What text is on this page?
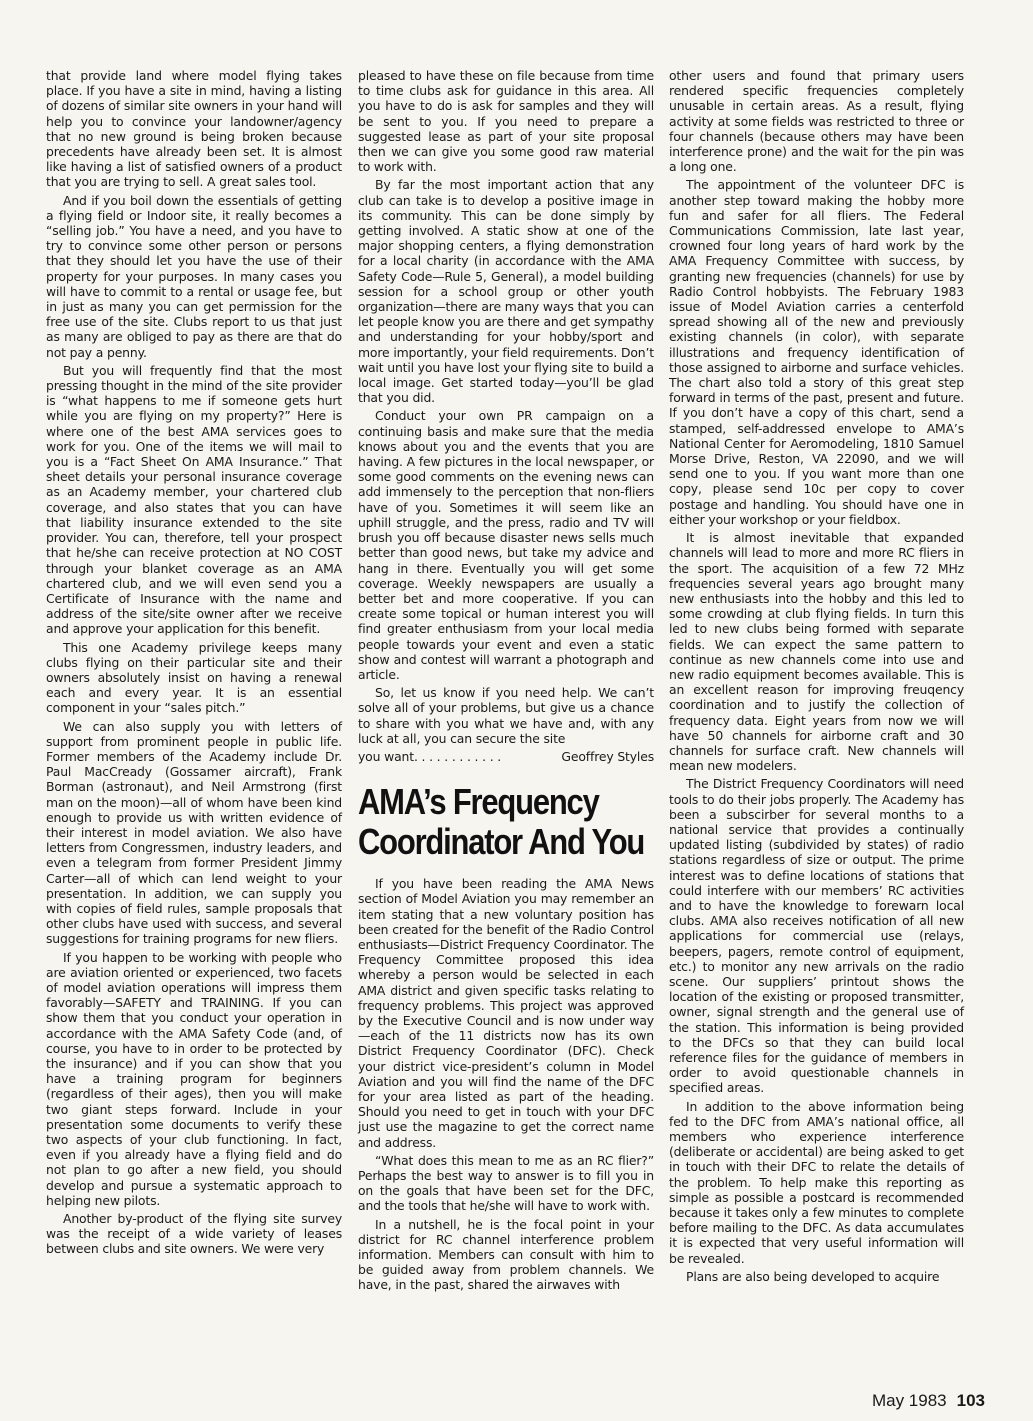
that provide land where model flying takes place. If you have a site in mind, having a listing of dozens of similar site owners in your hand will help you to convince your landowner/agency that no new ground is being broken because precedents have already been set. It is almost like having a list of satisfied owners of a product that you are trying to sell. A great sales tool.

And if you boil down the essentials of getting a flying field or Indoor site, it really becomes a “selling job.” You have a need, and you have to try to convince some other person or persons that they should let you have the use of their property for your purposes. In many cases you will have to commit to a rental or usage fee, but in just as many you can get permission for the free use of the site. Clubs report to us that just as many are obliged to pay as there are that do not pay a penny.

But you will frequently find that the most pressing thought in the mind of the site provider is “what happens to me if someone gets hurt while you are flying on my property?” Here is where one of the best AMA services goes to work for you. One of the items we will mail to you is a “Fact Sheet On AMA Insurance.” That sheet details your personal insurance coverage as an Academy member, your chartered club coverage, and also states that you can have that liability insurance extended to the site provider. You can, therefore, tell your prospect that he/she can receive protection at NO COST through your blanket coverage as an AMA chartered club, and we will even send you a Certificate of Insurance with the name and address of the site/site owner after we receive and approve your application for this benefit.

This one Academy privilege keeps many clubs flying on their particular site and their owners absolutely insist on having a renewal each and every year. It is an essential component in your “sales pitch.”

We can also supply you with letters of support from prominent people in public life. Former members of the Academy include Dr. Paul MacCready (Gossamer aircraft), Frank Borman (astronaut), and Neil Armstrong (first man on the moon)—all of whom have been kind enough to provide us with written evidence of their interest in model aviation. We also have letters from Congressmen, industry leaders, and even a telegram from former President Jimmy Carter—all of which can lend weight to your presentation. In addition, we can supply you with copies of field rules, sample proposals that other clubs have used with success, and several suggestions for training programs for new fliers.

If you happen to be working with people who are aviation oriented or experienced, two facets of model aviation operations will impress them favorably—SAFETY and TRAINING. If you can show them that you conduct your operation in accordance with the AMA Safety Code (and, of course, you have to in order to be protected by the insurance) and if you can show that you have a training program for beginners (regardless of their ages), then you will make two giant steps forward. Include in your presentation some documents to verify these two aspects of your club functioning. In fact, even if you already have a flying field and do not plan to go after a new field, you should develop and pursue a systematic approach to helping new pilots.

Another by-product of the flying site survey was the receipt of a wide variety of leases between clubs and site owners. We were very

pleased to have these on file because from time to time clubs ask for guidance in this area. All you have to do is ask for samples and they will be sent to you. If you need to prepare a suggested lease as part of your site proposal then we can give you some good raw material to work with.

By far the most important action that any club can take is to develop a positive image in its community. This can be done simply by getting involved. A static show at one of the major shopping centers, a flying demonstration for a local charity (in accordance with the AMA Safety Code—Rule 5, General), a model building session for a school group or other youth organization—there are many ways that you can let people know you are there and get sympathy and understanding for your hobby/sport and more importantly, your field requirements. Don’t wait until you have lost your flying site to build a local image. Get started today—you’ll be glad that you did.

Conduct your own PR campaign on a continuing basis and make sure that the media knows about you and the events that you are having. A few pictures in the local newspaper, or some good comments on the evening news can add immensely to the perception that non-fliers have of you. Sometimes it will seem like an uphill struggle, and the press, radio and TV will brush you off because disaster news sells much better than good news, but take my advice and hang in there. Eventually you will get some coverage. Weekly newspapers are usually a better bet and more cooperative. If you can create some topical or human interest you will find greater enthusiasm from your local media people towards your event and even a static show and contest will warrant a photograph and article.

So, let us know if you need help. We can’t solve all of your problems, but give us a chance to share with you what we have and, with any luck at all, you can secure the site

you want. . . . . . . . . . . .	Geoffrey Styles

AMA’s Frequency
Coordinator And You

If you have been reading the AMA News section of Model Aviation you may remember an item stating that a new voluntary position has been created for the benefit of the Radio Control enthusiasts—District Frequency Coordinator. The Frequency Committee proposed this idea whereby a person would be selected in each AMA district and given specific tasks relating to frequency problems. This project was approved by the Executive Council and is now under way—each of the 11 districts now has its own District Frequency Coordinator (DFC). Check your district vice-president’s column in Model Aviation and you will find the name of the DFC for your area listed as part of the heading. Should you need to get in touch with your DFC just use the magazine to get the correct name and address.

“What does this mean to me as an RC flier?” Perhaps the best way to answer is to fill you in on the goals that have been set for the DFC, and the tools that he/she will have to work with.

In a nutshell, he is the focal point in your district for RC channel interference problem information. Members can consult with him to be guided away from problem channels. We have, in the past, shared the airwaves with

other users and found that primary users rendered specific frequencies completely unusable in certain areas. As a result, flying activity at some fields was restricted to three or four channels (because others may have been interference prone) and the wait for the pin was a long one.

The appointment of the volunteer DFC is another step toward making the hobby more fun and safer for all fliers. The Federal Communications Commission, late last year, crowned four long years of hard work by the AMA Frequency Committee with success, by granting new frequencies (channels) for use by Radio Control hobbyists. The February 1983 issue of Model Aviation carries a centerfold spread showing all of the new and previously existing channels (in color), with separate illustrations and frequency identification of those assigned to airborne and surface vehicles. The chart also told a story of this great step forward in terms of the past, present and future. If you don’t have a copy of this chart, send a stamped, self-addressed envelope to AMA’s National Center for Aeromodeling, 1810 Samuel Morse Drive, Reston, VA 22090, and we will send one to you. If you want more than one copy, please send 10c per copy to cover postage and handling. You should have one in either your workshop or your fieldbox.

It is almost inevitable that expanded channels will lead to more and more RC fliers in the sport. The acquisition of a few 72 MHz frequencies several years ago brought many new enthusiasts into the hobby and this led to some crowding at club flying fields. In turn this led to new clubs being formed with separate fields. We can expect the same pattern to continue as new channels come into use and new radio equipment becomes available. This is an excellent reason for improving freuqency coordination and to justify the collection of frequency data. Eight years from now we will have 50 channels for airborne craft and 30 channels for surface craft. New channels will mean new modelers.

The District Frequency Coordinators will need tools to do their jobs properly. The Academy has been a subscirber for several months to a national service that provides a continually updated listing (subdivided by states) of radio stations regardless of size or output. The prime interest was to define locations of stations that could interfere with our members’ RC activities and to have the knowledge to forewarn local clubs. AMA also receives notification of all new applications for commercial use (relays, beepers, pagers, remote control of equipment, etc.) to monitor any new arrivals on the radio scene. Our suppliers’ printout shows the location of the existing or proposed transmitter, owner, signal strength and the general use of the station. This information is being provided to the DFCs so that they can build local reference files for the guidance of members in order to avoid questionable channels in specified areas.

In addition to the above information being fed to the DFC from AMA’s national office, all members who experience interference (deliberate or accidental) are being asked to get in touch with their DFC to relate the details of the problem. To help make this reporting as simple as possible a postcard is recommended because it takes only a few minutes to complete before mailing to the DFC. As data accumulates it is expected that very useful information will be revealed.

Plans are also being developed to acquire

May 1983 103
